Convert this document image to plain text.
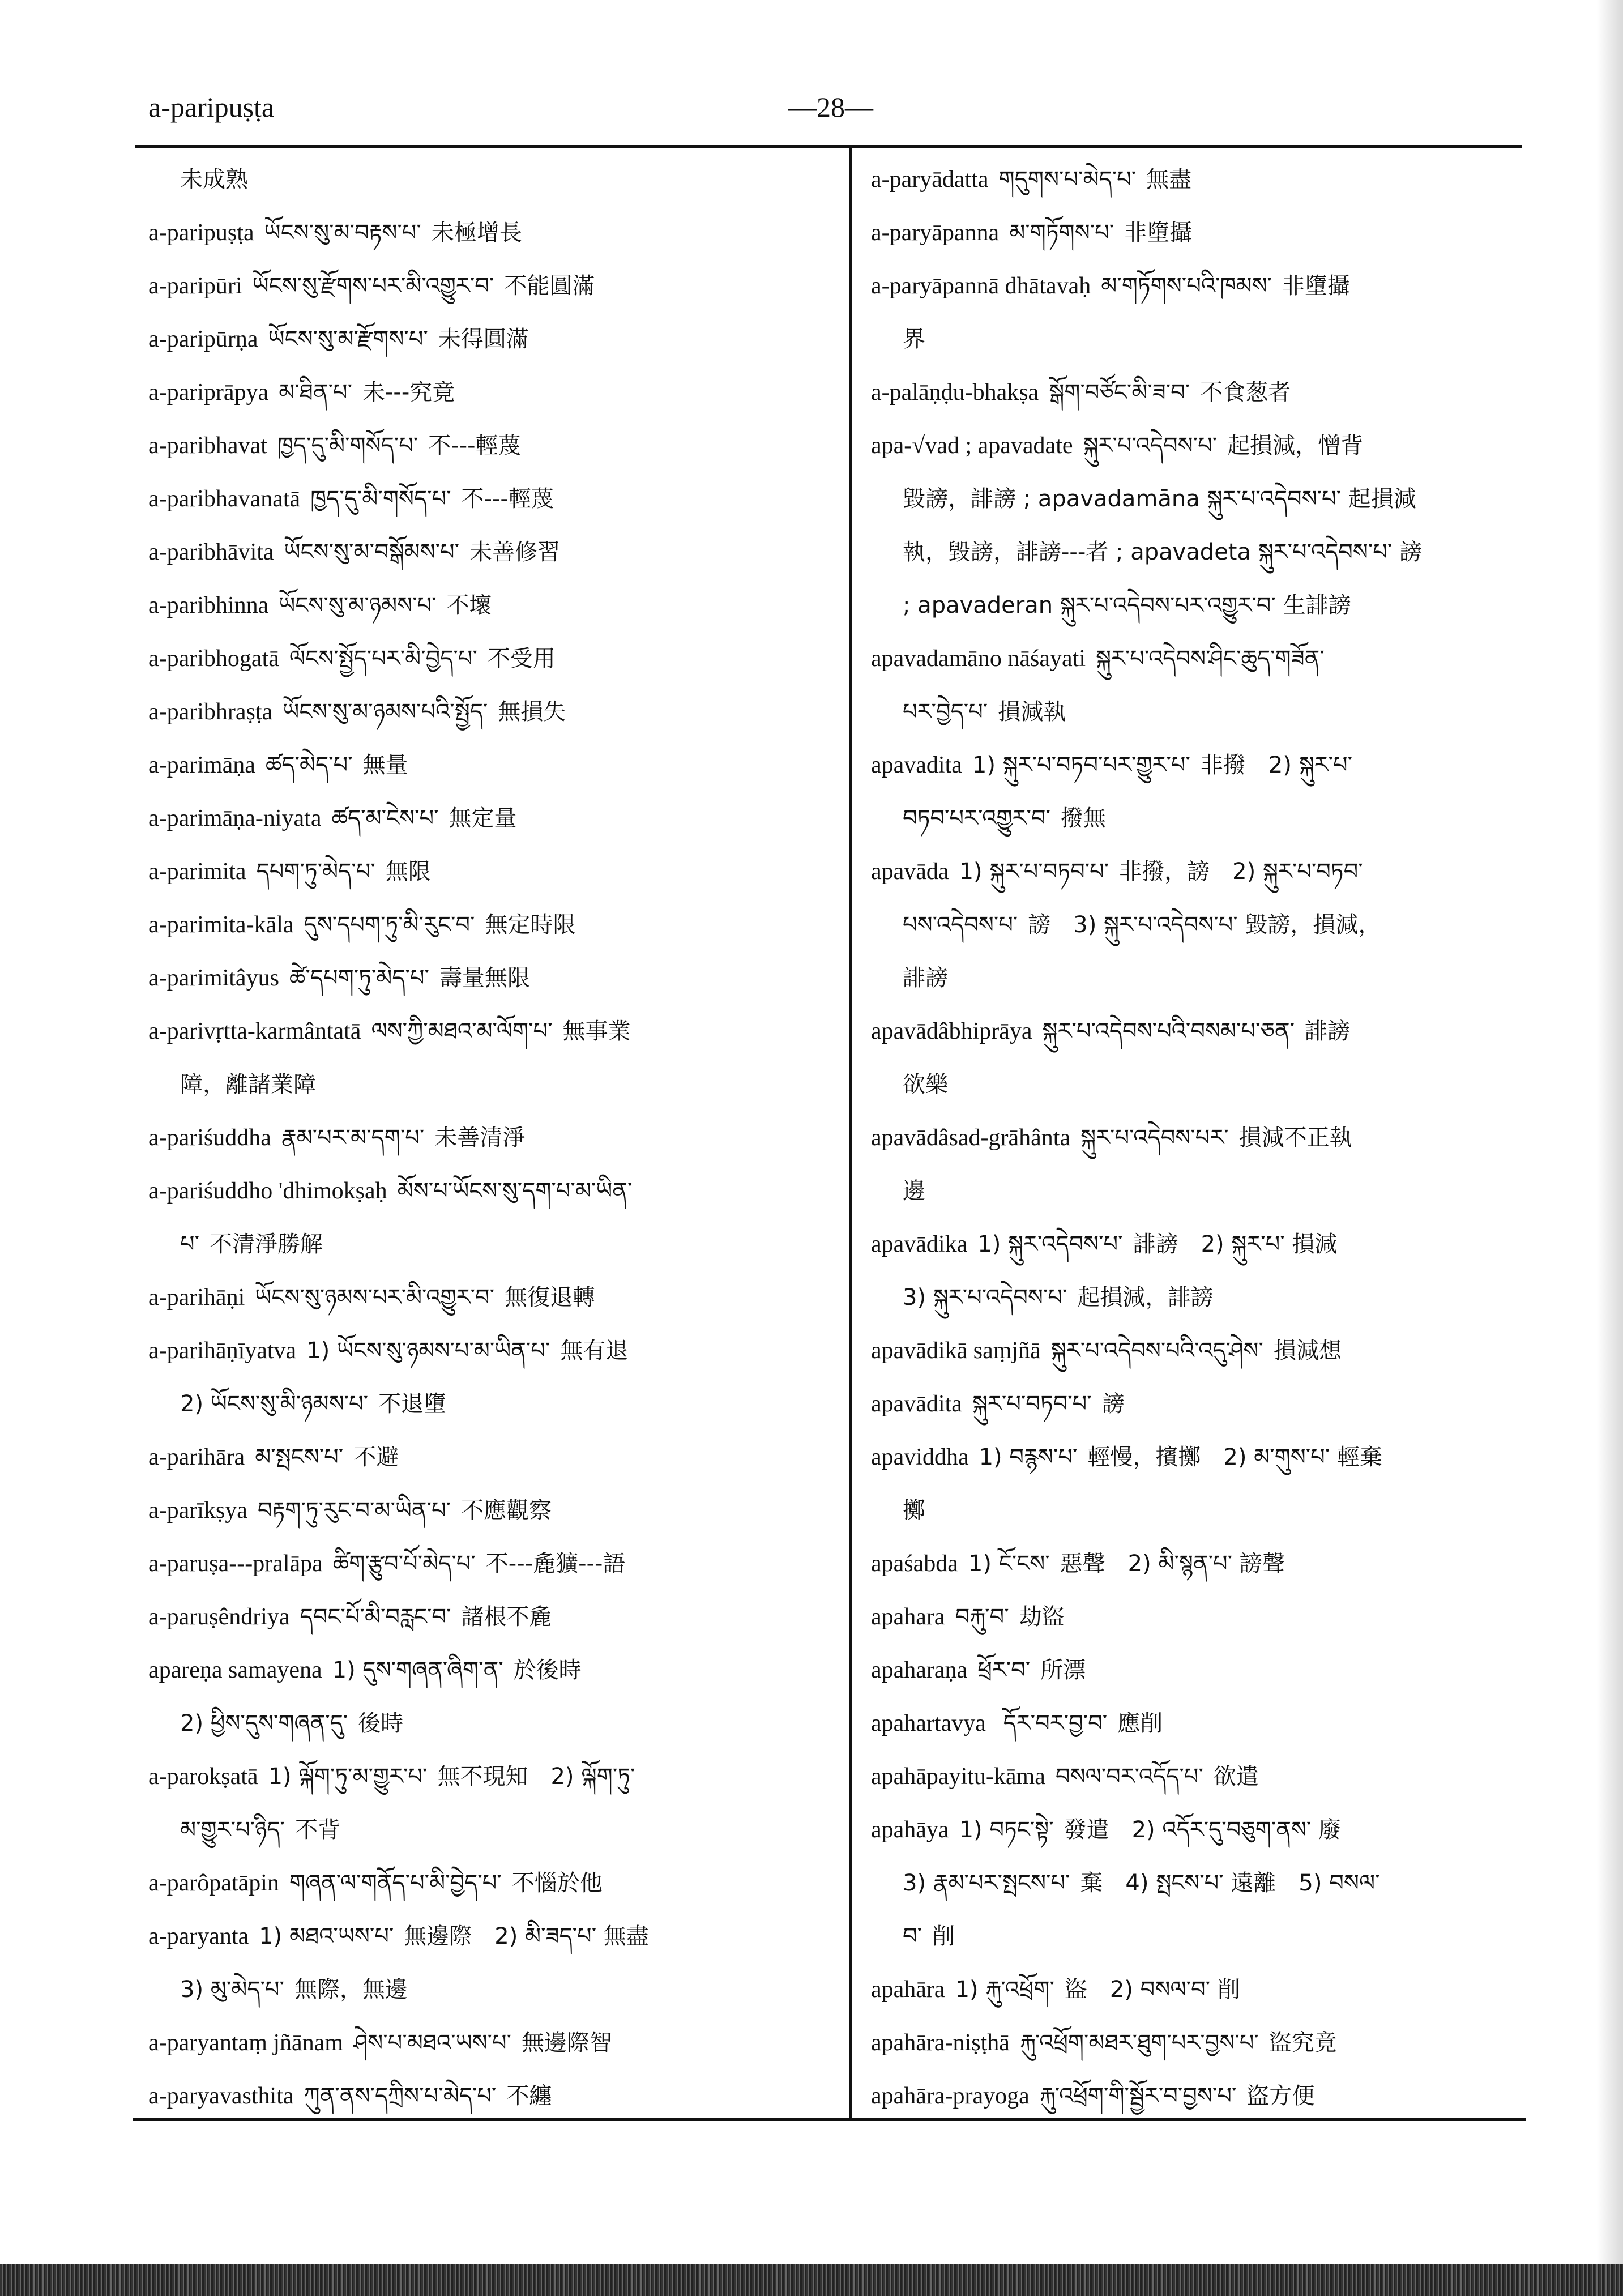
a-paripuṣṭa	—28—
未成熟
a-paripuṣṭa ཡོངས་སུ་མ་བརྟས་པ་ 未極增長
a-paripūri ཡོངས་སུ་རྫོགས་པར་མི་འགྱུར་བ་ 不能圓滿
a-paripūrṇa ཡོངས་སུ་མ་རྫོགས་པ་ 未得圓滿
a-pariprāpya མ་ཐིན་པ་ 未---究竟
a-paribhavat ཁྱད་དུ་མི་གསོད་པ་ 不---輕蔑
a-paribhavanatā ཁྱད་དུ་མི་གསོད་པ་ 不---輕蔑
a-paribhāvita ཡོངས་སུ་མ་བསྒོམས་པ་ 未善修習
a-paribhinna ཡོངས་སུ་མ་ཉམས་པ་ 不壞
a-paribhogatā ལོངས་སྤྱོད་པར་མི་བྱེད་པ་ 不受用
a-paribhraṣṭa ཡོངས་སུ་མ་ཉམས་པའི་སྤྱོད་ 無損失
a-parimāṇa ཚད་མེད་པ་ 無量
a-parimāṇa-niyata ཚད་མ་ངེས་པ་ 無定量
a-parimita དཔག་ཏུ་མེད་པ་ 無限
a-parimita-kāla དུས་དཔག་ཏུ་མི་རུང་བ་ 無定時限
a-parimitâyus ཚེ་དཔག་ཏུ་མེད་པ་ 壽量無限
a-parivṛtta-karmântatā ལས་ཀྱི་མཐའ་མ་ལོག་པ་ 無事業
障，離諸業障
a-pariśuddha རྣམ་པར་མ་དག་པ་ 未善清淨
a-pariśuddho 'dhimokṣaḥ མོས་པ་ཡོངས་སུ་དག་པ་མ་ཡིན་
པ་ 不清淨勝解
a-parihāṇi ཡོངས་སུ་ཉམས་པར་མི་འགྱུར་བ་ 無復退轉
a-parihāṇīyatva 1) ཡོངས་སུ་ཉམས་པ་མ་ཡིན་པ་ 無有退
2) ཡོངས་སུ་མི་ཉམས་པ་ 不退墮
a-parihāra མ་སྤངས་པ་ 不避
a-parīkṣya བརྟག་ཏུ་རུང་བ་མ་ཡིན་པ་ 不應觀察
a-paruṣa---pralāpa ཚིག་རྩུབ་པོ་མེད་པ་ 不---麁獷---語
a-paruṣêndriya དབང་པོ་མི་བརླང་བ་ 諸根不麁
apareṇa samayena 1) དུས་གཞན་ཞིག་ན་ 於後時
2) ཕྱིས་དུས་གཞན་དུ་ 後時
a-parokṣatā 1) ལྐོག་ཏུ་མ་གྱུར་པ་ 無不現知　2) ལྐོག་ཏུ་
མ་གྱུར་པ་ཉིད་ 不背
a-parôpatāpin གཞན་ལ་གནོད་པ་མི་བྱེད་པ་ 不惱於他
a-paryanta 1) མཐའ་ཡས་པ་ 無邊際　2) མི་ཟད་པ་ 無盡
3) མུ་མེད་པ་ 無際，無邊
a-paryantaṃ jñānam ཤེས་པ་མཐའ་ཡས་པ་ 無邊際智
a-paryavasthita ཀུན་ནས་དཀྲིས་པ་མེད་པ་ 不纏
a-paryādatta གདུགས་པ་མེད་པ་ 無盡
a-paryāpanna མ་གཏོགས་པ་ 非墮攝
a-paryāpannā dhātavaḥ མ་གཏོགས་པའི་ཁམས་ 非墮攝
界
a-palāṇḍu-bhakṣa སྒོག་བཙོང་མི་ཟ་བ་ 不食葱者
apa-√vad ; apavadate སྐུར་པ་འདེབས་པ་ 起損減，憎背
毀謗，誹謗 ; apavadamāna སྐུར་པ་འདེབས་པ་ 起損減
執，毀謗，誹謗---者 ; apavadeta སྐུར་པ་འདེབས་པ་ 謗
; apavaderan སྐུར་པ་འདེབས་པར་འགྱུར་བ་ 生誹謗
apavadamāno nāśayati སྐུར་པ་འདེབས་ཤིང་ཆུད་གཟོན་
པར་བྱེད་པ་ 損減執
apavadita 1) སྐུར་པ་བཏབ་པར་གྱུར་པ་ 非撥　2) སྐུར་པ་
བཏབ་པར་འགྱུར་བ་ 撥無
apavāda 1) སྐུར་པ་བཏབ་པ་ 非撥，謗　2) སྐུར་པ་བཏབ་
པས་འདེབས་པ་ 謗　3) སྐུར་པ་འདེབས་པ་ 毀謗，損減，
誹謗
apavādâbhiprāya སྐུར་པ་འདེབས་པའི་བསམ་པ་ཅན་ 誹謗
欲樂
apavādâsad-grāhânta སྐུར་པ་འདེབས་པར་ 損減不正執
邊
apavādika 1) སྐུར་འདེབས་པ་ 誹謗　2) སྐུར་པ་ 損減
3) སྐུར་པ་འདེབས་པ་ 起損減，誹謗
apavādikā saṃjñā སྐུར་པ་འདེབས་པའི་འདུ་ཤེས་ 損減想
apavādita སྐུར་པ་བཏབ་པ་ 謗
apaviddha 1) བརྙས་པ་ 輕慢，擯擲　2) མ་གུས་པ་ 輕棄
擲
apaśabda 1) ངོ་ངས་ 惡聲　2) མི་སྙན་པ་ 謗聲
apahara བརྐུ་བ་ 劫盜
apaharaṇa ཕྲོར་བ་ 所漂
apahartavya དོར་བར་བྱ་བ་ 應削
apahāpayitu-kāma བསལ་བར་འདོད་པ་ 欲遣
apahāya 1) བཏང་སྟེ་ 發遣　2) འདོར་དུ་བཅུག་ནས་ 廢
3) རྣམ་པར་སྤངས་པ་ 棄　4) སྤངས་པ་ 遠離　5) བསལ་
བ་ 削
apahāra 1) རྐུ་འཕྲོག་ 盜　2) བསལ་བ་ 削
apahāra-niṣṭhā རྐུ་འཕྲོག་མཐར་ཐུག་པར་བྱས་པ་ 盜究竟
apahāra-prayoga རྐུ་འཕྲོག་གི་སྦྱོར་བ་བྱས་པ་ 盜方便
